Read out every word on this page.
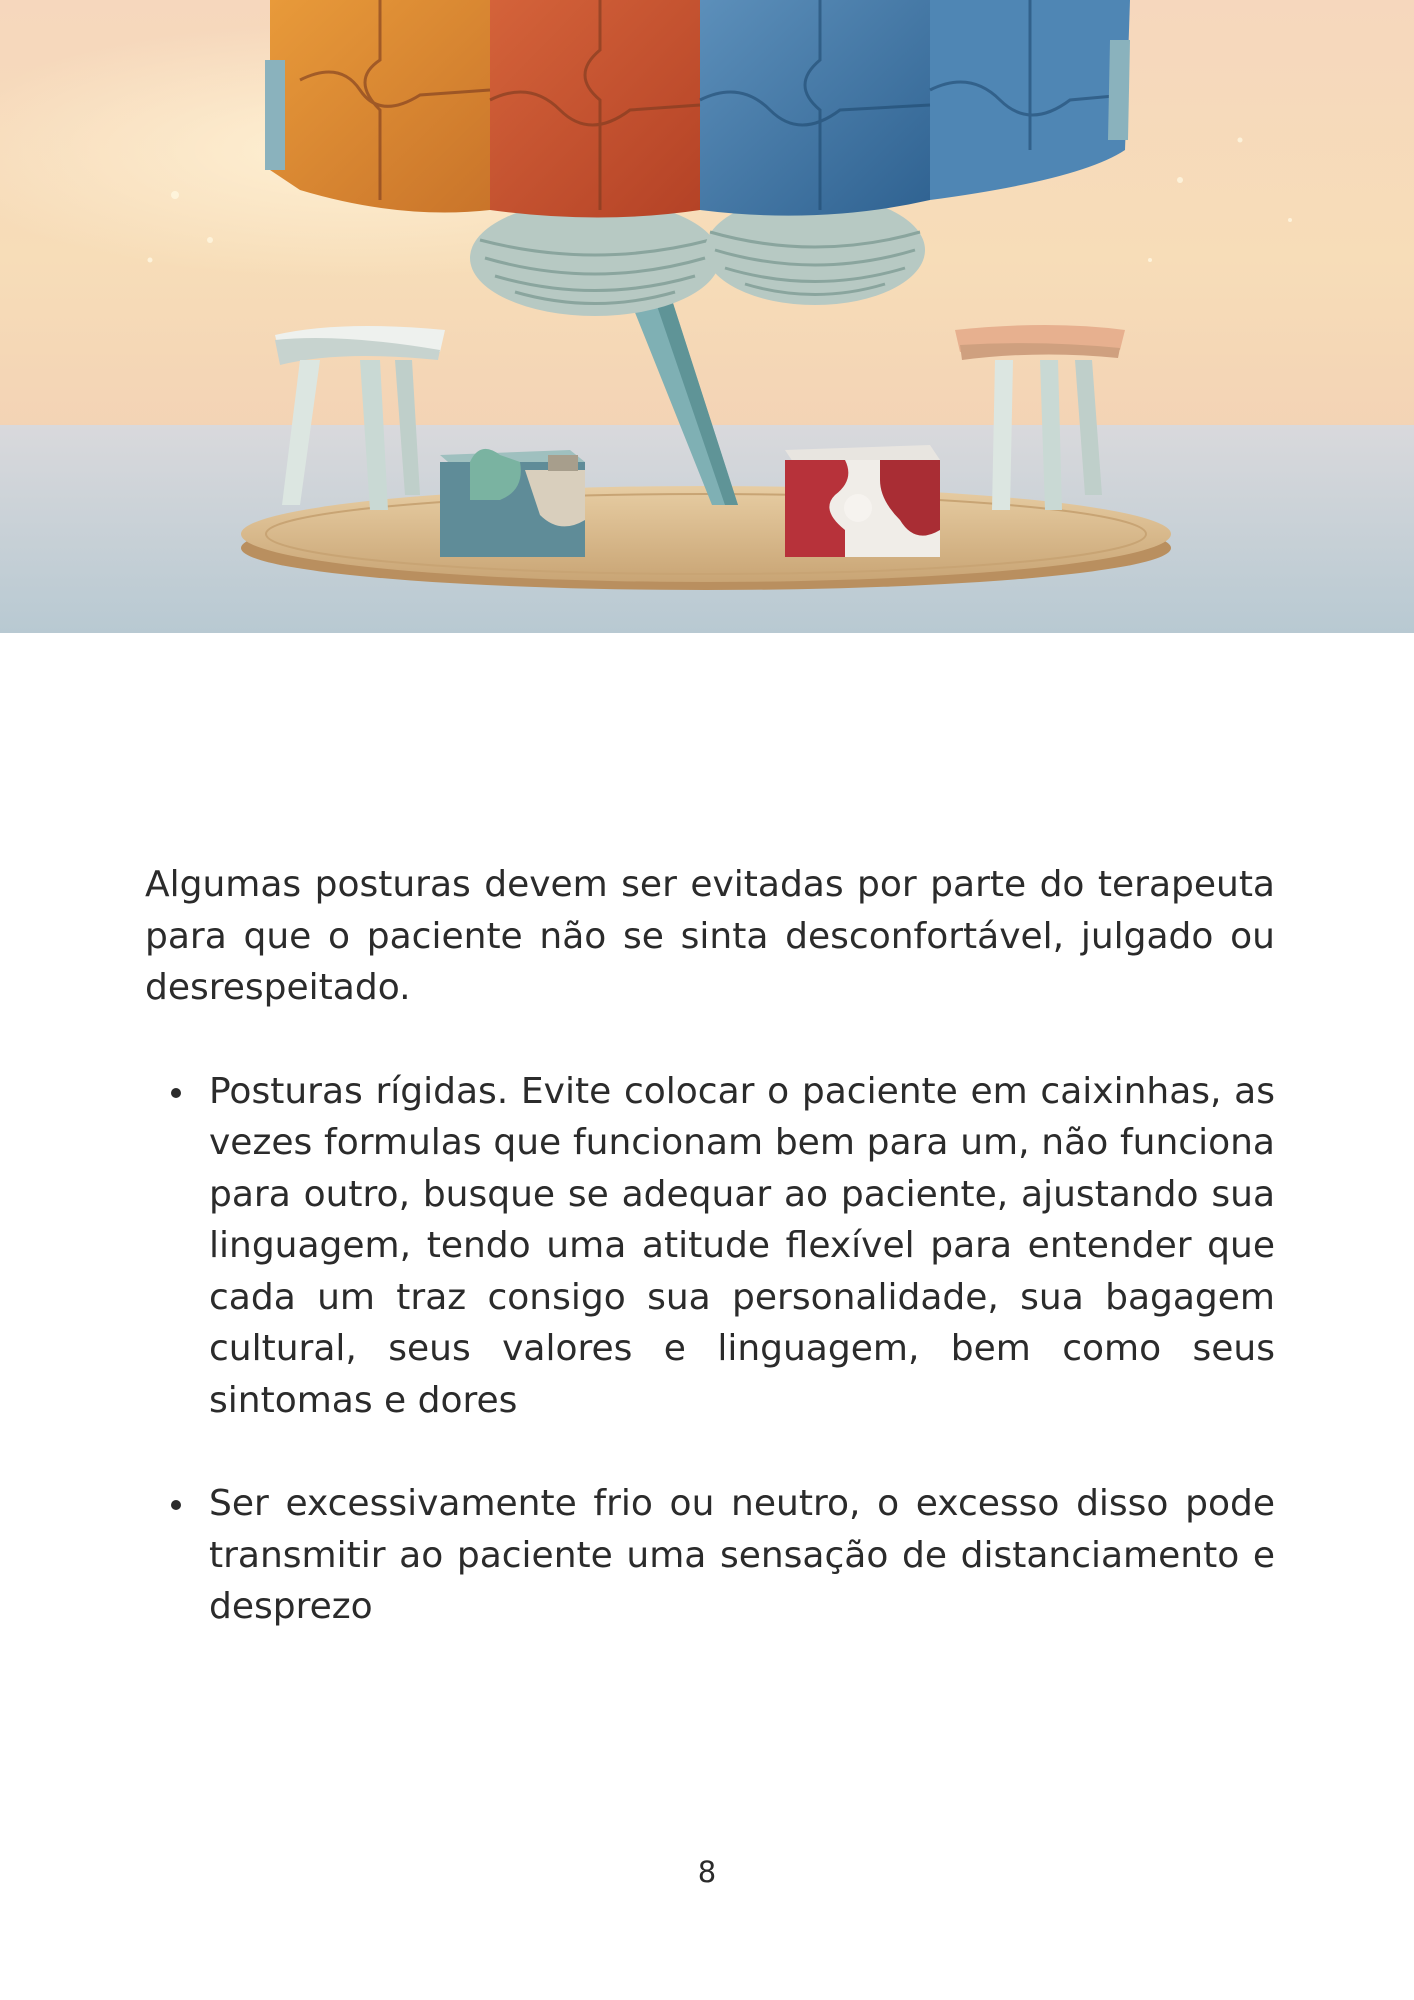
Algumas posturas devem ser evitadas por parte do terapeuta para que o paciente não se sinta desconfortável, julgado ou desrespeitado.

Posturas rígidas. Evite colocar o paciente em caixinhas, as vezes formulas que funcionam bem para um, não funciona para outro, busque se adequar ao paciente, ajustando sua linguagem, tendo uma atitude flexível para entender que cada um traz consigo sua personalidade, sua bagagem cultural, seus valores e linguagem, bem como seus sintomas e dores
Ser excessivamente frio ou neutro, o excesso disso pode transmitir ao paciente uma sensação de distanciamento e desprezo
8
